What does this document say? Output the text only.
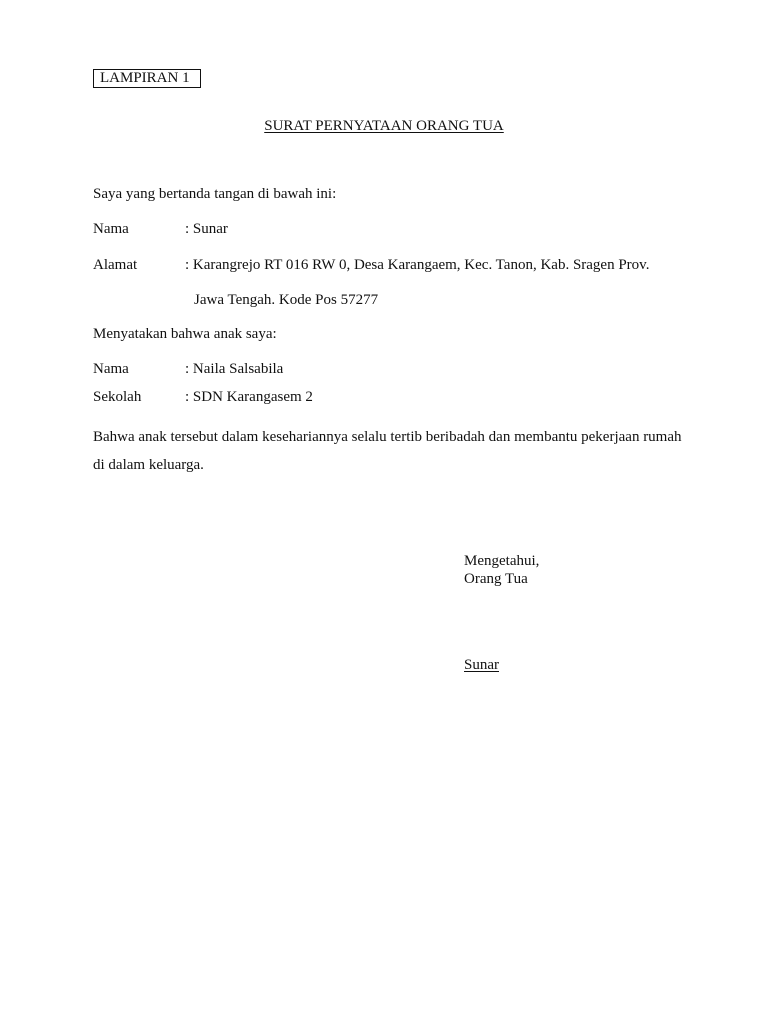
LAMPIRAN 1
SURAT PERNYATAAN ORANG TUA
Saya yang bertanda tangan di bawah ini:
Nama	: Sunar
Alamat	: Karangrejo RT 016 RW 0, Desa Karangaem, Kec. Tanon, Kab. Sragen Prov.
Jawa Tengah. Kode Pos 57277
Menyatakan bahwa anak saya:
Nama	: Naila Salsabila
Sekolah	: SDN Karangasem 2
Bahwa anak tersebut dalam kesehariannya selalu tertib beribadah dan membantu pekerjaan rumah di dalam keluarga.
Mengetahui,
Orang Tua
Sunar
